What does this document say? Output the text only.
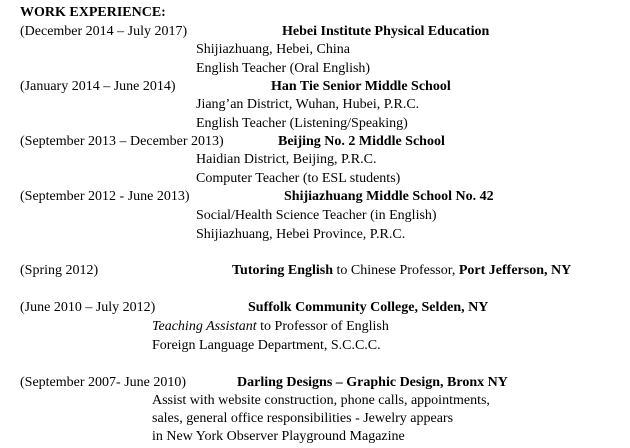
WORK EXPERIENCE:
(December 2014 – July 2017)	Hebei Institute Physical Education
Shijiazhuang, Hebei, China
English Teacher (Oral English)
(January 2014 – June 2014)	Han Tie Senior Middle School
Jiang’an District, Wuhan, Hubei, P.R.C.
English Teacher (Listening/Speaking)
(September 2013 – December 2013)	Beijing No. 2 Middle School
Haidian District, Beijing, P.R.C.
Computer Teacher (to ESL students)
(September 2012 - June 2013)	Shijiazhuang Middle School No. 42
Social/Health Science Teacher (in English)
Shijiazhuang, Hebei Province, P.R.C.
(Spring 2012)	Tutoring English to Chinese Professor, Port Jefferson, NY
(June 2010 – July 2012)	Suffolk Community College, Selden, NY
Teaching Assistant to Professor of English
Foreign Language Department, S.C.C.C.
(September 2007- June 2010)	Darling Designs – Graphic Design, Bronx NY
Assist with website construction, phone calls, appointments,
sales, general office responsibilities - Jewelry appears
in New York Observer Playground Magazine
